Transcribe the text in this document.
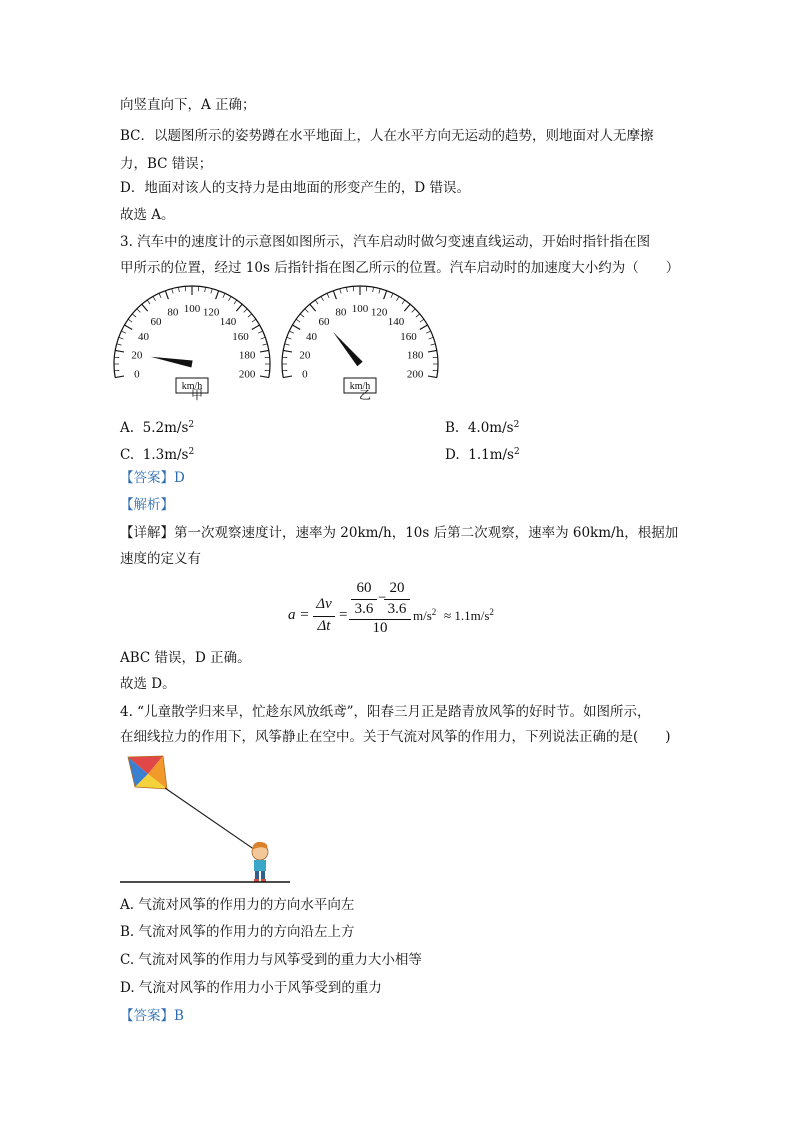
向竖直向下，A 正确；
BC．以题图所示的姿势蹲在水平地面上，人在水平方向无运动的趋势，则地面对人无摩擦
力，BC 错误；
D．地面对该人的支持力是由地面的形变产生的，D 错误。
故选 A。
3. 汽车中的速度计的示意图如图所示，汽车启动时做匀变速直线运动，开始时指针指在图
甲所示的位置，经过 10s 后指针指在图乙所示的位置。汽车启动时的加速度大小约为（　　）
0
20
40
60
80 100 120
140
160
180
200
km/h
0
20
40
60
80 100 120
140
160
180
200
km/h
甲	乙
A. $5.2m/s^2$	B. $4.0m/s^2$
C. $1.3m/s^2$	D. $1.1m/s^2$
【答案】D
【解析】
【详解】第一次观察速度计，速率为 20km/h，10s 后第二次观察，速率为 60km/h，根据加
速度的定义有
a =
Δv
Δt
=
60
3.6
−
20
3.6
10
$m/s^2 \approx 1.1m/s^2$
ABC 错误，D 正确。
故选 D。
4. “儿童散学归来早，忙趁东风放纸鸢”，阳春三月正是踏青放风筝的好时节。如图所示，
在细线拉力的作用下，风筝静止在空中。关于气流对风筝的作用力，下列说法正确的是(　　)
A. 气流对风筝的作用力的方向水平向左
B. 气流对风筝的作用力的方向沿左上方
C. 气流对风筝的作用力与风筝受到的重力大小相等
D. 气流对风筝的作用力小于风筝受到的重力
【答案】B
